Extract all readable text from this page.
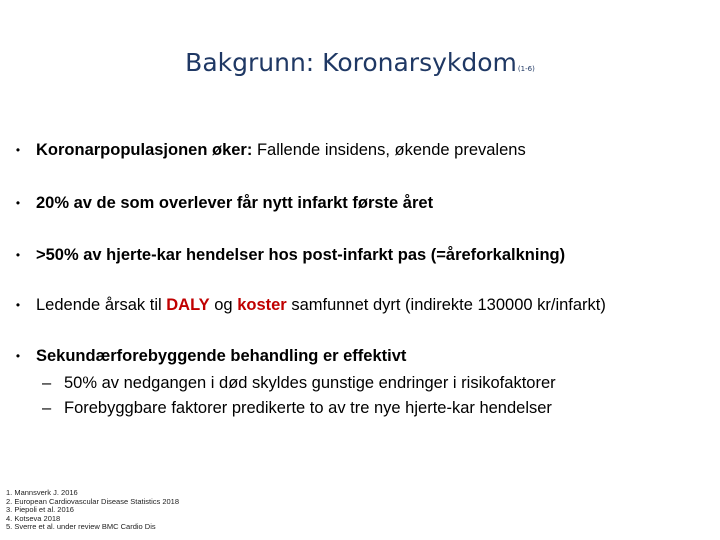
Bakgrunn: Koronarsykdom(1-6)
• Koronarpopulasjonen øker: Fallende insidens, økende prevalens
• 20% av de som overlever får nytt infarkt første året
• >50% av hjerte-kar hendelser hos post-infarkt pas (=åreforkalkning)
• Ledende årsak til DALY og koster samfunnet dyrt (indirekte 130000 kr/infarkt)
• Sekundærforebyggende behandling er effektivt
– 50% av nedgangen i død skyldes gunstige endringer i risikofaktorer
– Forebyggbare faktorer predikerte to av tre nye hjerte-kar hendelser
1. Mannsverk J. 2016
2. European Cardiovascular Disease Statistics 2018
3. Piepoli et al. 2016
4. Kotseva 2018
5. Sverre et al. under review BMC Cardio Dis
